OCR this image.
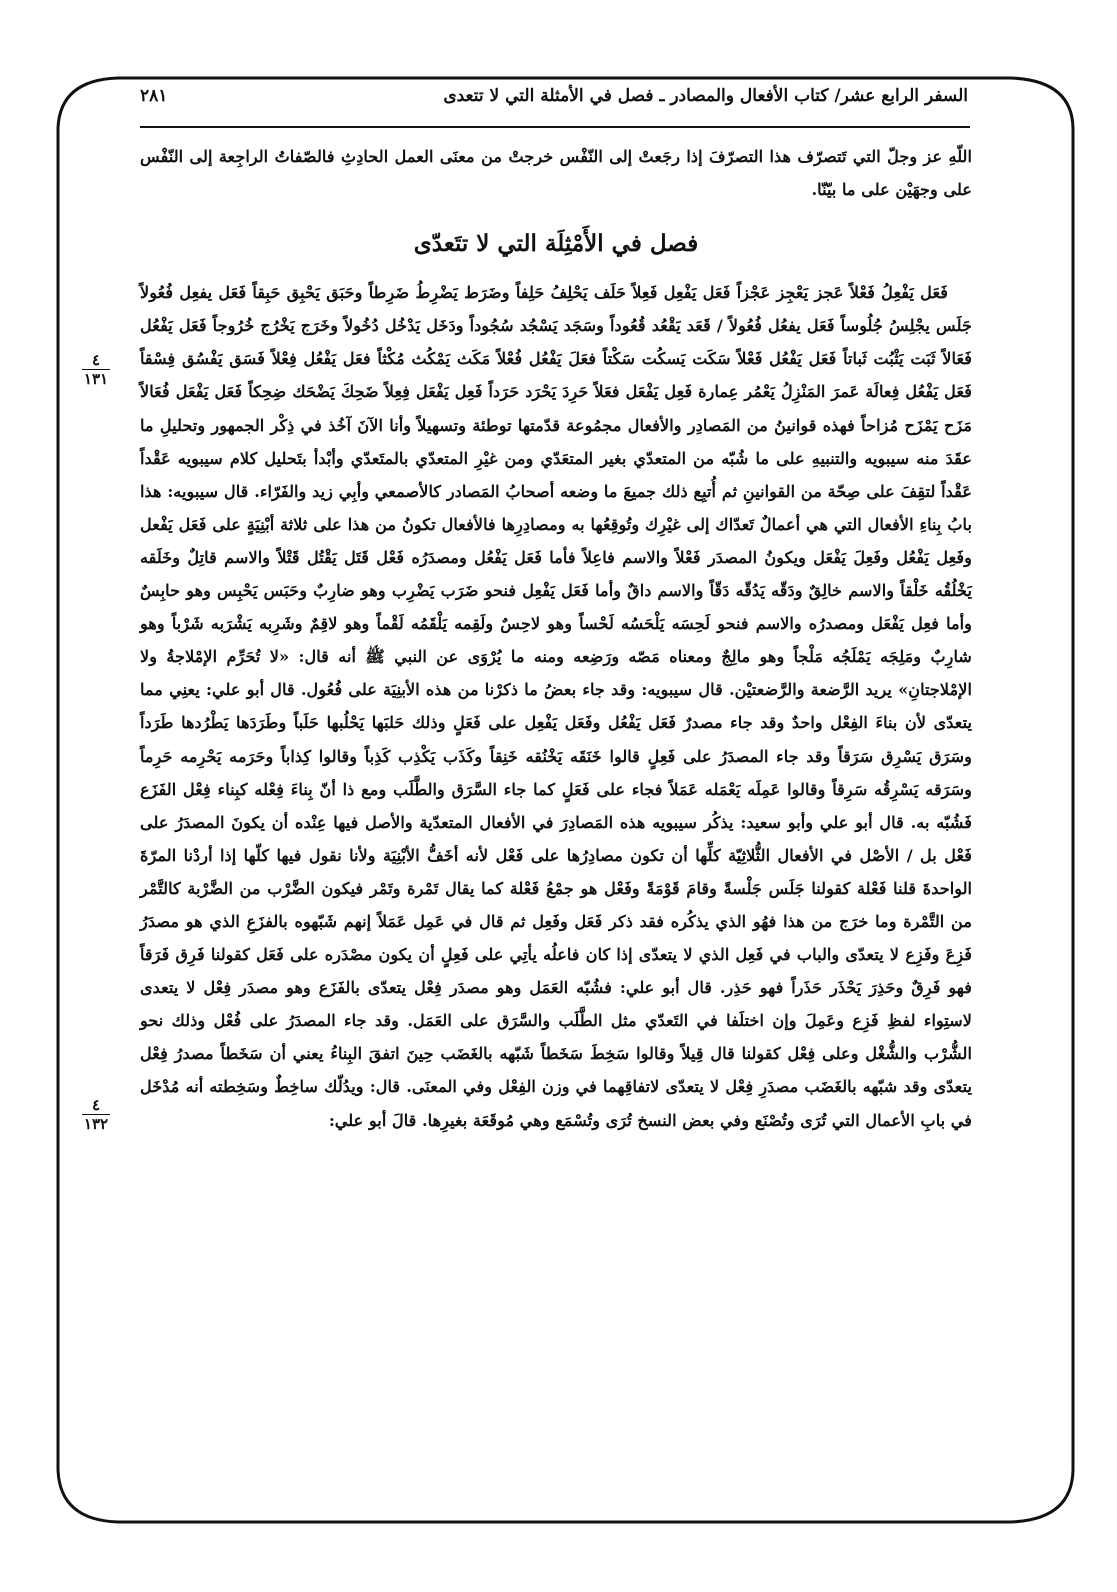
السفر الرابع عشر/ كتاب الأفعال والمصادر ـ فصل في الأمثلة التي لا تتعدى
٢٨١
٤
١٣١
٤
١٣٢

اللّهِ عز وجلّ التي تَتصرّف هذا التصرّفَ إذا رجَعتْ إلى النّفْس خرجتْ من معنَى العمل الحادِثِ فالصّفاتُ الراجِعة إلى النّفْس على وجهَيْن على ما بيّنّا.

فصل في الأَمْثِلَة التي لا تتَعدّى

فَعَل يَفْعِلُ فَعْلاً عَجز يَعْجِز عَجْزاً فَعَل يَفْعِل فَعِلاً حَلَف يَحْلِفُ حَلِفاً وضَرَط يَضْرِطُ ضَرِطاً وحَبَق يَحْبِق حَبِقاً فَعَل يفعِل فُعُولاً جَلَس يجْلِسُ جُلُوساً فَعَل يفعُل فُعُولاً / قَعَد يَقْعُد قُعُوداً وسَجَد يَسْجُد سُجُوداً ودَخَل يَدْخُل دُخُولاً وخَرَج يَخْرُج خُرُوجاً فَعَل يَفْعُل فَعَالاً ثَبَت يَثْبُت ثَباتاً فَعَل يَفْعُل فَعْلاً سَكَت يَسكُت سَكْتاً فعَلَ يَفْعُل فُعْلاً مَكَث يَمْكُث مُكْثاً فعَل يَفْعُل فِعْلاً فَسَق يَفْسُق فِسْقاً فَعَل يَفْعُل فِعالَة عَمرَ المَنْزِلُ يَعْمُر عِمارة فَعِل يَفْعَل فعَلاً حَرِدَ يَحْرَد حَرَداً فَعِل يَفْعَل فِعِلاً ضَحِكَ يَضْحَك ضِحِكاً فَعَل يَفْعَل فُعَالاً مَزَح يَمْزَح مُزاحاً فهذه قوانينُ من المَصادِر والأفعال مجمُوعة قدّمتها توطئة وتسهيلاً وأنا الآنَ آخُذ في ذِكْر الجمهور وتحليلِ ما عقَدَ منه سيبويه والتنبيهِ على ما شُبّه من المتعدّي بغير المتعَدّي ومن غيْرِ المتعدّي بالمتَعدّي وأبْدأ بتَحليل كلام سيبويه عَقْداً عَقْداً لتقِفَ على صِحّة من القوانينِ ثم أُتبِع ذلك جميعَ ما وضعه أصحابُ المَصادر كالأصمعي وأبِي زيد والفَرّاء. قال سيبويه: هذا بابُ بِناءِ الأفعال التي هي أعمالٌ تَعدّاك إلى غيْرِك وتُوقِعُها به ومصادِرِها فالأفعال تكونُ من هذا على ثلاثة أبْنِيَةٍ على فَعَل يَفْعل وفَعِل يَفْعُل وفَعِلَ يَفْعَل ويكونُ المصدَر فَعْلاً والاسم فاعِلاً فأما فَعَل يَفْعُل ومصدَرُه فَعْل قَتَل يَقْتُل قَتْلاً والاسم قاتِلٌ وخَلَقه يَخْلُقُه خَلْقاً والاسم خالِقٌ ودَقّه يَدُقّه دَقّاً والاسم داقٌ وأما فَعَل يَفْعِل فنحو ضَرَب يَضْرِب وهو ضارِبٌ وحَبَس يَحْبِس وهو حابِسٌ وأما فعِل يَفْعَل ومصدرُه والاسم فنحو لَحِسَه يَلْحَسُه لَحْساً وهو لاحِسٌ ولَقِمه يَلْقَمُه لَقْماً وهو لاقِمٌ وشَرِبه يَشْرَبه شَرْباً وهو شارِبٌ ومَلِجَه يَمْلَجُه مَلْجاً وهو مالِجٌ ومعناه مَصّه ورَضِعه ومنه ما يُرْوَى عن النبي ﷺ أنه قال: «لا تُحَرِّم الإمْلاجةُ ولا الإمْلاجتانِ» يريد الرَّضعة والرَّضعتيْن. قال سيبويه: وقد جاء بعضُ ما ذكرْنا من هذه الأبنِيَة على فُعُول. قال أبو علي: يعنِي مما يتعدّى لأن بناءَ الفِعْل واحدٌ وقد جاء مصدرٌ فَعَل يَفْعُل وفَعَل يَفْعِل على فَعَلٍ وذلك حَلبَها يَحْلُبها حَلَباً وطَرَدَها يَطْرُدها طَرَداً وسَرَق يَسْرِق سَرَقاً وقد جاء المصدَرُ على فَعِلٍ قالوا خَنَقَه يَخْنُقه خَنِقاً وكَذَب يَكْذِب كَذِباً وقالوا كِذاباً وحَرَمه يَحْرِمه حَرِماً وسَرَقه يَسْرِقُه سَرِقاً وقالوا عَمِلَه يَعْمَله عَمَلاً فجاء على فَعَلٍ كما جاء السَّرَق والطَّلَب ومع ذا أنّ بِناءَ فِعْله كبِناء فِعْل الفَزَع فَشُبّه به. قال أبو علي وأبو سعيد: يذكُر سيبويه هذه المَصادِرَ في الأفعال المتعدّية والأصل فيها عِنْده أن يكونَ المصدَرُ على فَعْل بل / الأصْل في الأفعال الثُّلاثِيّة كلِّها أن تكون مصادِرُها على فَعْل لأنه أخَفُّ الأبْنِيَة ولأنا نقول فيها كلّها إذا أردْنا المرّةَ الواحدةَ قلنا فَعْلة كقولنا جَلَس جَلْسةً وقامَ قَوْمَةً وفَعْل هو جمْعُ فَعْلة كما يقال تَمْرة وتَمْر فيكون الضَّرْب من الضَّرْبة كالتَّمْر من التَّمْرة وما خرَج من هذا فهُو الذي يذكُره فقد ذكر فَعَل وفَعِل ثم قال في عَمِل عَمَلاً إنهم شَبّهوه بالفزَعِ الذي هو مصدَرُ فَزِعَ وفَزِع لا يتعدّى والباب في فَعِل الذي لا يتعدّى إذا كان فاعلُه يأتِي على فَعِلٍ أن يكون مصْدَره على فَعَل كقولنا فَرِق فَرَقاً فهو فَرِقٌ وحَذِرَ يَحْذَر حَذَراً فهو حَذِر. قال أبو علي: فشُبّه العَمَل وهو مصدَر فِعْل يتعدّى بالفَزَع وهو مصدَر فِعْل لا يتعدى لاستِواء لفظِ فَزِع وعَمِلَ وإن اختلَفا في التَعدّي مثل الطَّلَب والسَّرَق على العَمَل. وقد جاء المصدَرُ على فُعْل وذلك نحو الشُّرْب والشُّغْل وعلى فِعْل كقولنا قال قِيلاً وقالوا سَخِطَ سَخَطاً شَبّهه بالغَضَب حِينَ اتفقَ البِناءُ يعني أن سَخَطاً مصدرُ فِعْل يتعدّى وقد شبّهه بالغَضَب مصدَرِ فِعْل لا يتعدّى لاتفاقِهما في وزن الفِعْل وفي المعنَى. قال: ويدُلّك ساخِطٌ وسَخِطته أنه مُدْخَل في بابِ الأعمال التي تُرَى وتُصْنَع وفي بعض النسخ تُرَى وتُسْمَع وهي مُوقَعَة بغيرِها. قالَ أبو علي:
